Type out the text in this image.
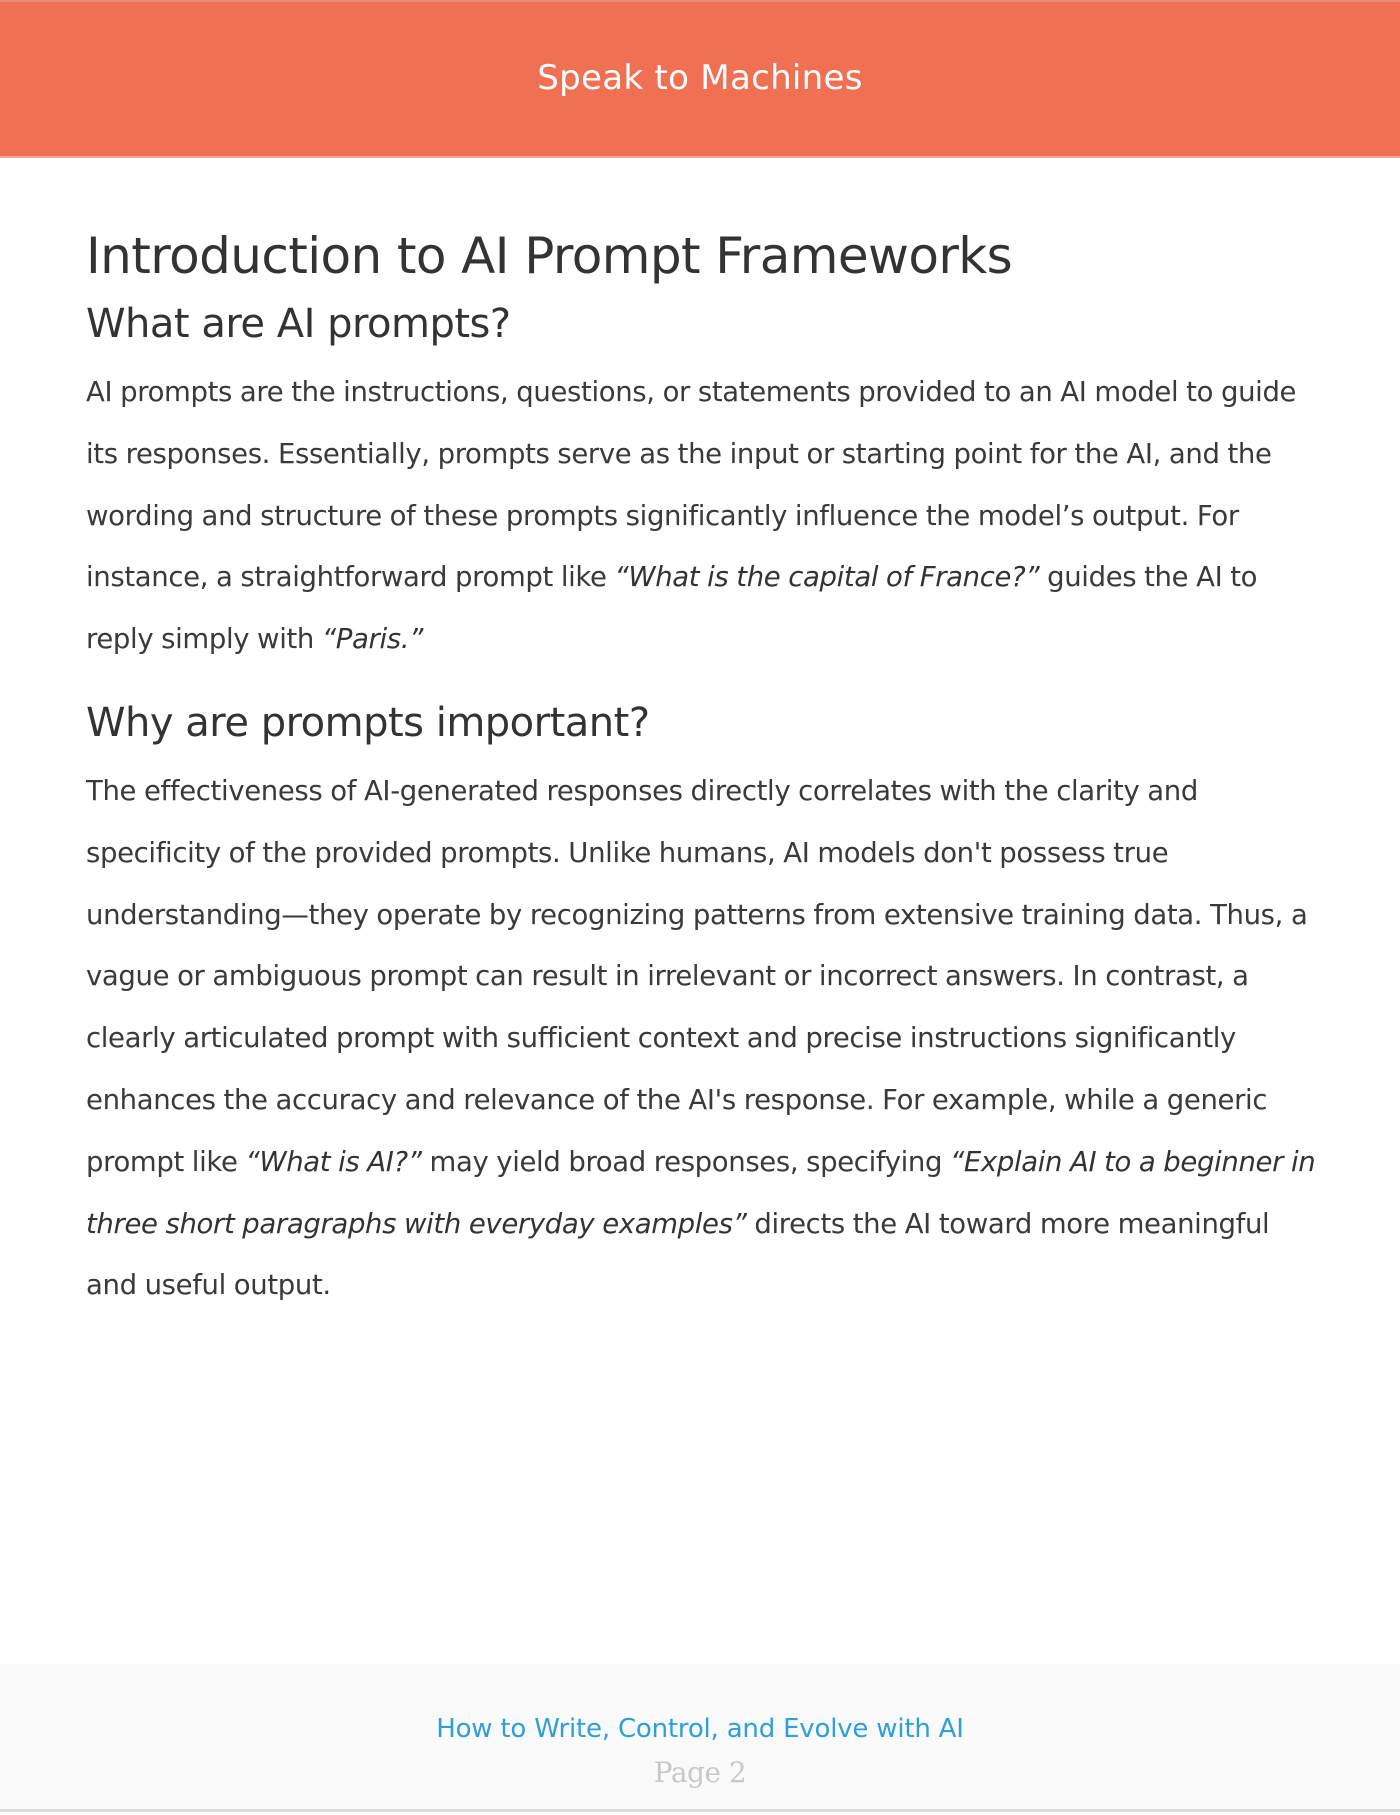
Speak to Machines
Introduction to AI Prompt Frameworks
What are AI prompts?

AI prompts are the instructions, questions, or statements provided to an AI model to guide its responses. Essentially, prompts serve as the input or starting point for the AI, and the wording and structure of these prompts significantly influence the model’s output. For instance, a straightforward prompt like “What is the capital of France?” guides the AI to reply simply with “Paris.”

Why are prompts important?

The effectiveness of AI-generated responses directly correlates with the clarity and specificity of the provided prompts. Unlike humans, AI models don't possess true understanding—they operate by recognizing patterns from extensive training data. Thus, a vague or ambiguous prompt can result in irrelevant or incorrect answers. In contrast, a clearly articulated prompt with sufficient context and precise instructions significantly enhances the accuracy and relevance of the AI's response. For example, while a generic prompt like “What is AI?” may yield broad responses, specifying “Explain AI to a beginner in three short paragraphs with everyday examples” directs the AI toward more meaningful and useful output.

How to Write, Control, and Evolve with AI
Page 2
